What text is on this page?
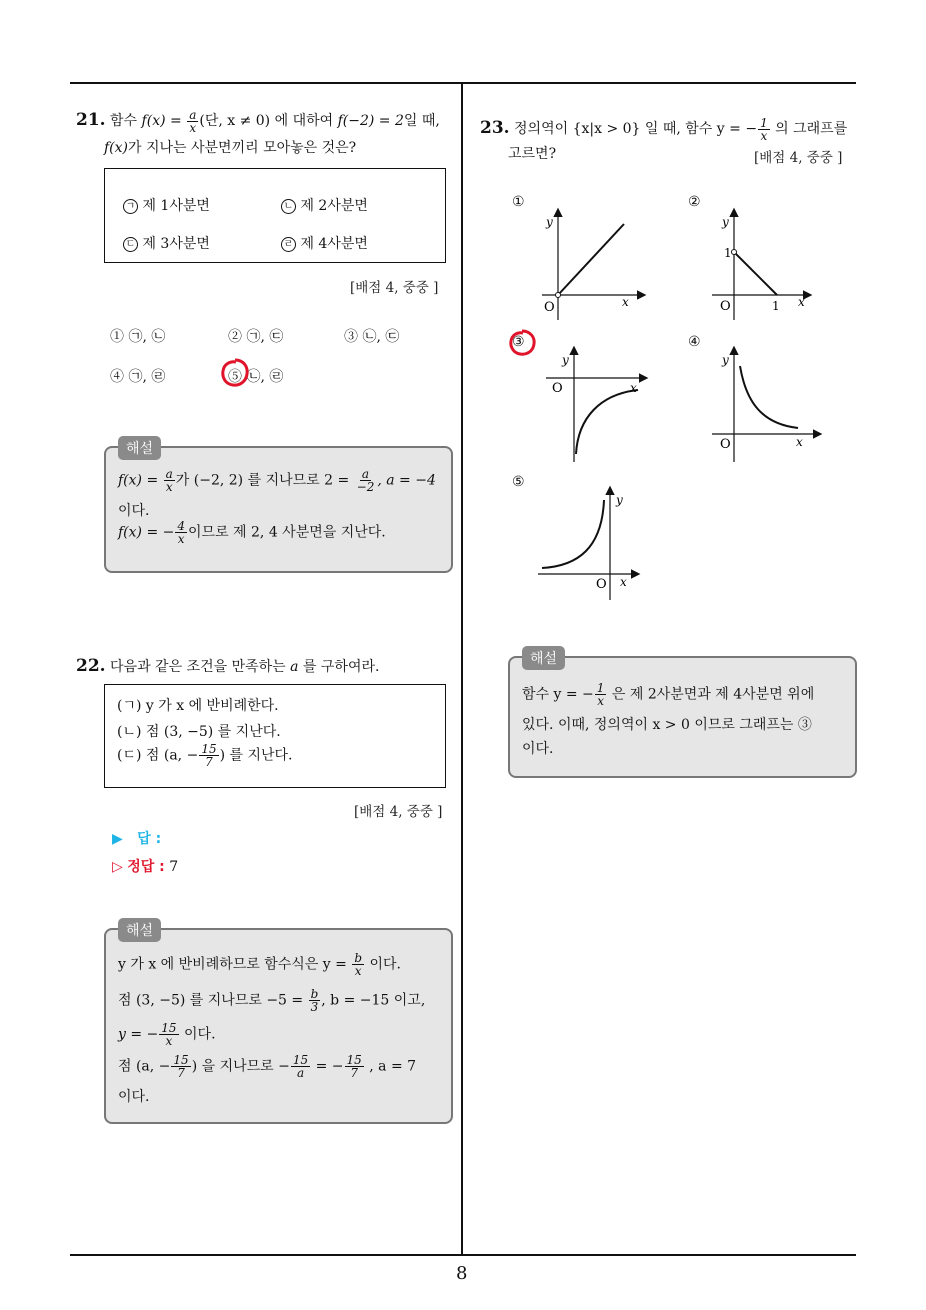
8
21. 함수 $f(x) = \frac{a}{x}$ (단, x ≠ 0) 에 대하여 f(−2) = 2일 때,
f(x)가 지나는 사분면끼리 모아놓은 것은?
ㄱ 제 1사분면	ㄴ 제 2사분면
ㄷ 제 3사분면	ㄹ 제 4사분면
[배점 4, 중중 ]
① ㉠, ㉡	② ㉠, ㉢	③ ㉡, ㉢
④ ㉠, ㉣	⑤ ㉡, ㉣
해설
$f(x) = \frac{a}{x}$ 가 (−2, 2) 를 지나므로 $2 = \frac{a}{-2}$ , a = −4
이다.
f(x) = − $\frac{4}{x}$ 이므로 제 2, 4 사분면을 지난다.
22. 다음과 같은 조건을 만족하는 a 를 구하여라.
(ㄱ) y 가 x 에 반비례한다.
(ㄴ) 점 (3, −5) 를 지난다.
(ㄷ) 점 (a, − $\frac{15}{7}$ ) 를 지난다.
[배점 4, 중중 ]
▶ 답 :
▷ 정답 : 7
해설
y 가 x 에 반비례하므로 함수식은 $y = \frac{b}{x}$ 이다.
점 (3, −5) 를 지나므로 $-5 = \frac{b}{3}$ , b = −15 이고,
y = − $\frac{15}{x}$ 이다.
점 (a, − $\frac{15}{7}$ ) 을 지나므로 − $\frac{15}{a}$ = − $\frac{15}{7}$ , a = 7
이다.
23. 정의역이 {x|x > 0} 일 때, 함수 y = − $\frac{1}{x}$ 의 그래프를
고르면?	[배점 4, 중중 ]
①
y
x
O
②
y
1
x
O	1
③
y
x
O
④
y
x
O
⑤
y
x
O
해설
함수 y = − $\frac{1}{x}$ 은 제 2사분면과 제 4사분면 위에
있다. 이때, 정의역이 x > 0 이므로 그래프는 ③
이다.
